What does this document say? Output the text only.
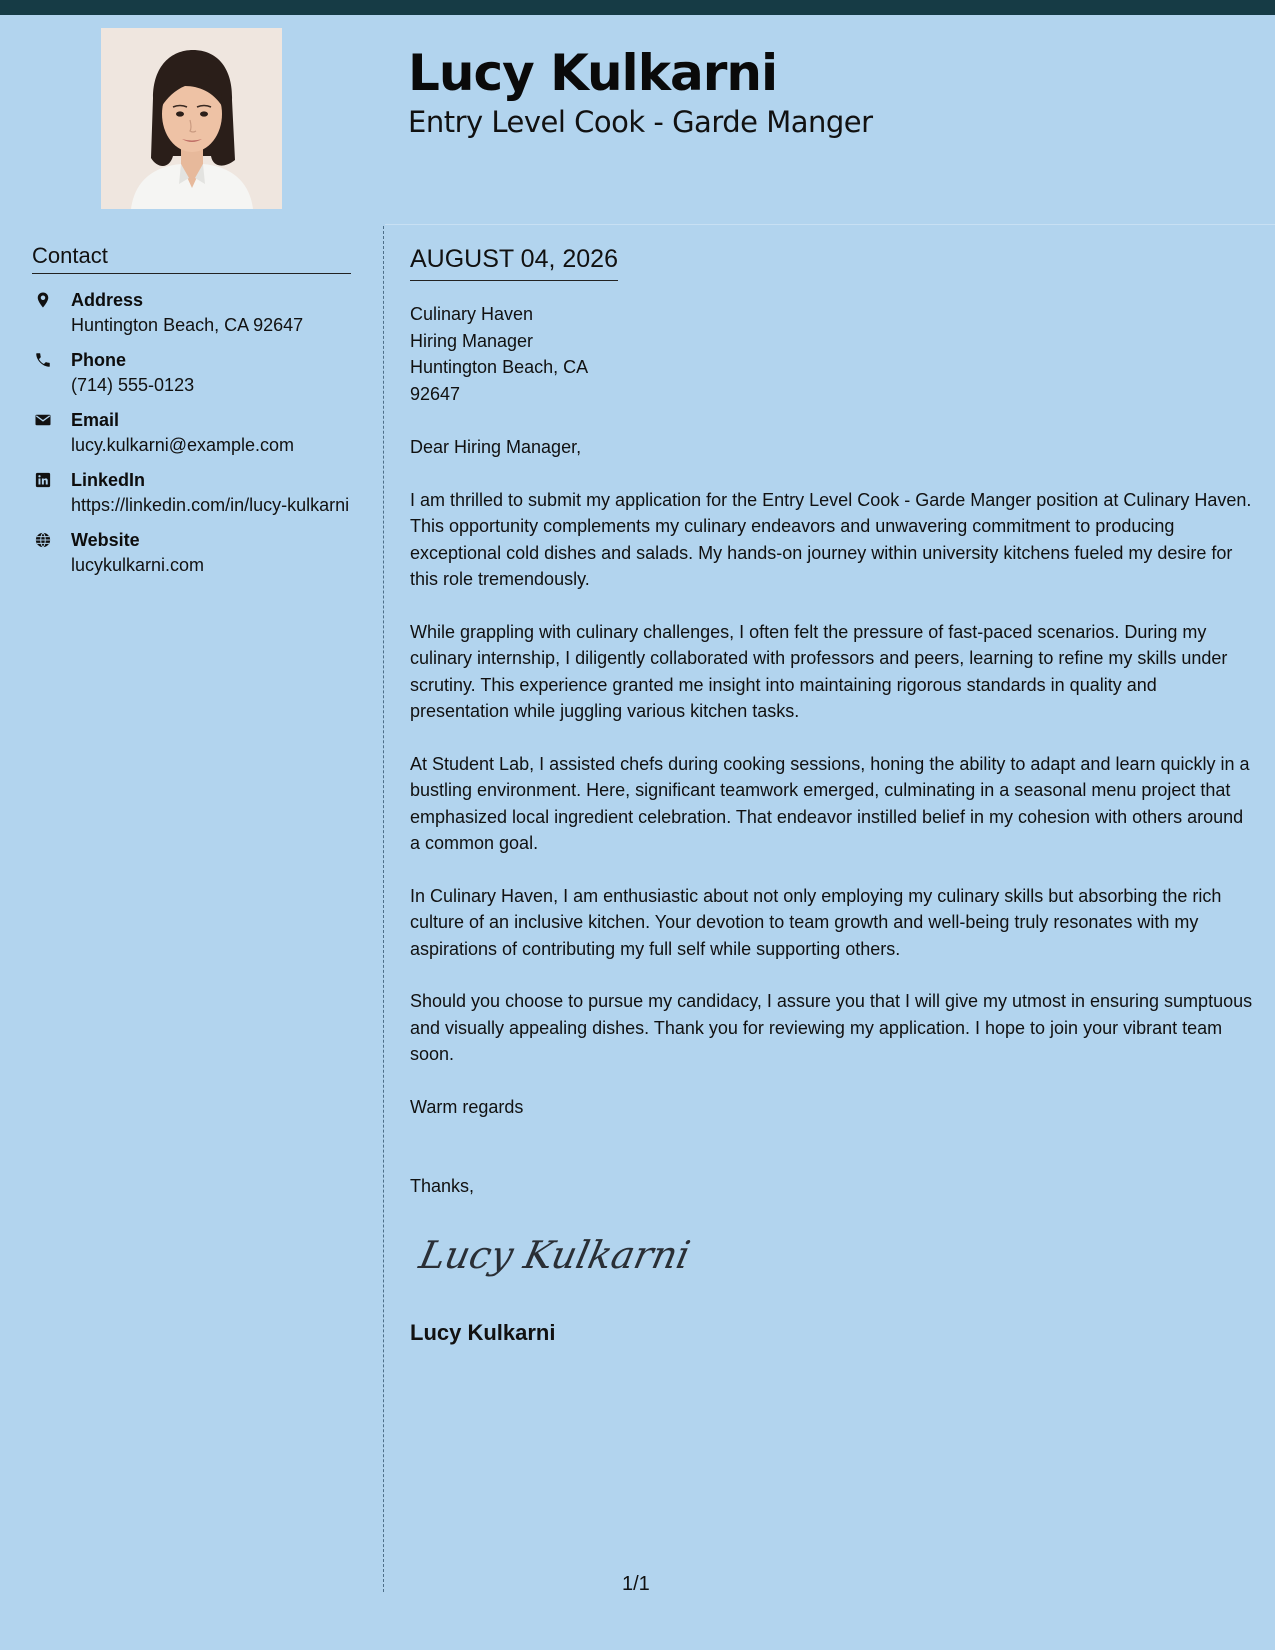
Lucy Kulkarni
Entry Level Cook - Garde Manger
Contact
Address
Huntington Beach, CA 92647
Phone
(714) 555-0123
Email
lucy.kulkarni@example.com
LinkedIn
https://linkedin.com/in/lucy-kulkarni
Website
lucykulkarni.com
AUGUST 04, 2026
Culinary Haven
Hiring Manager
Huntington Beach, CA
92647
Dear Hiring Manager,

I am thrilled to submit my application for the Entry Level Cook - Garde Manger position at Culinary Haven. This opportunity complements my culinary endeavors and unwavering commitment to producing exceptional cold dishes and salads. My hands-on journey within university kitchens fueled my desire for this role tremendously.

While grappling with culinary challenges, I often felt the pressure of fast-paced scenarios. During my culinary internship, I diligently collaborated with professors and peers, learning to refine my skills under scrutiny. This experience granted me insight into maintaining rigorous standards in quality and presentation while juggling various kitchen tasks.

At Student Lab, I assisted chefs during cooking sessions, honing the ability to adapt and learn quickly in a bustling environment. Here, significant teamwork emerged, culminating in a seasonal menu project that emphasized local ingredient celebration. That endeavor instilled belief in my cohesion with others around a common goal.

In Culinary Haven, I am enthusiastic about not only employing my culinary skills but absorbing the rich culture of an inclusive kitchen. Your devotion to team growth and well-being truly resonates with my aspirations of contributing my full self while supporting others.

Should you choose to pursue my candidacy, I assure you that I will give my utmost in ensuring sumptuous and visually appealing dishes. Thank you for reviewing my application. I hope to join your vibrant team soon.

Warm regards
Thanks,
Lucy Kulkarni
Lucy Kulkarni
1/1
